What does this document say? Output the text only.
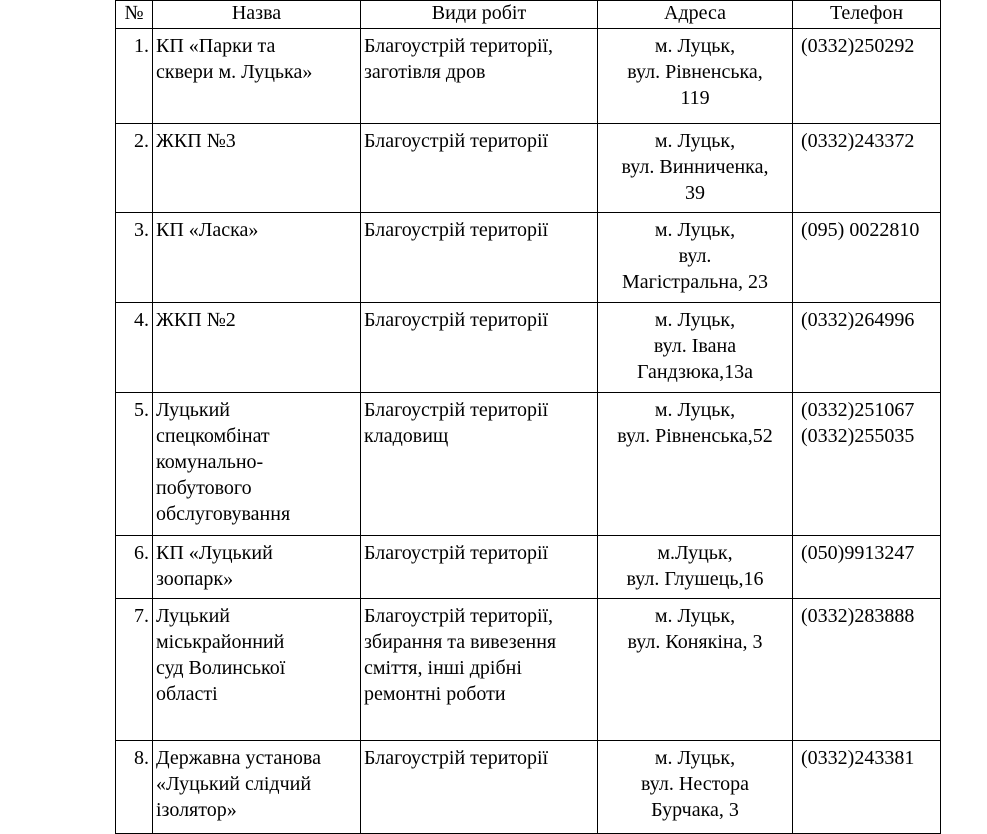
№	Назва	Види робіт	Адреса	Телефон
1.	КП «Парки та
сквери м. Луцька»	Благоустрій території,
заготівля дров	м. Луцьк,
вул. Рівненська,
119	(0332)250292

2.	ЖКП №3	Благоустрій території	м. Луцьк,
вул. Винниченка,
39	(0332)243372

3.	КП «Ласка»	Благоустрій території	м. Луцьк,
вул.
Магістральна, 23	(095) 0022810

4.	ЖКП №2	Благоустрій території	м. Луцьк,
вул. Івана
Гандзюка,13а	(0332)264996

5.	Луцький
спецкомбінат
комунально-
побутового
обслуговування	Благоустрій території
кладовищ	м. Луцьк,
вул. Рівненська,52	(0332)251067
(0332)255035

6.	КП «Луцький
зоопарк»	Благоустрій території	м.Луцьк,
вул. Глушець,16	(050)9913247

7.	Луцький
міськрайонний
суд Волинської
області	Благоустрій території,
збирання та вивезення
сміття, інші дрібні
ремонтні роботи	м. Луцьк,
вул. Конякіна, 3	(0332)283888

8.	Державна установа
«Луцький слідчий
ізолятор»	Благоустрій території	м. Луцьк,
вул. Нестора
Бурчака, 3	(0332)243381
